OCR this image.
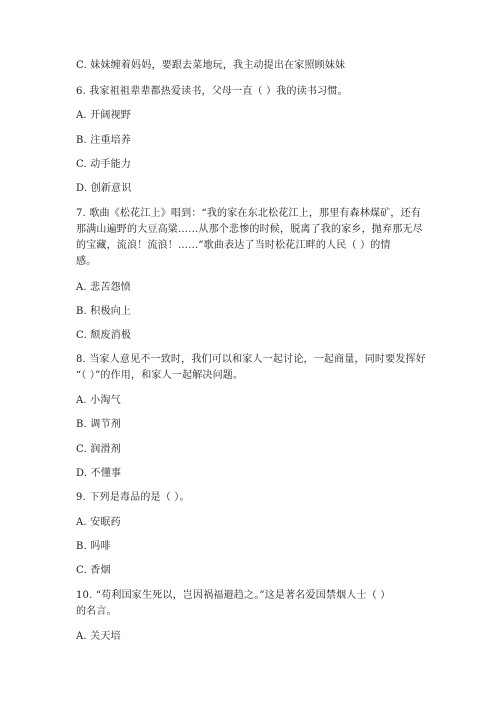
C. 妹妹缠着妈妈，要跟去菜地玩，我主动提出在家照顾妹妹
6. 我家祖祖辈辈都热爱读书，父母一直（ ）我的读书习惯。
A. 开阔视野
B. 注重培养
C. 动手能力
D. 创新意识
7. 歌曲《松花江上》唱到：“我的家在东北松花江上，那里有森林煤矿，还有
那满山遍野的大豆高粱……从那个悲惨的时候，脱离了我的家乡，抛弃那无尽
的宝藏，流浪！流浪！……”歌曲表达了当时松花江畔的人民（ ）的情
感。
A. 悲苦怨愤
B. 积极向上
C. 颓废消极
8. 当家人意见不一致时，我们可以和家人一起讨论，一起商量，同时要发挥好
“（ ）”的作用，和家人一起解决问题。
A. 小淘气
B. 调节剂
C. 润滑剂
D. 不懂事
9. 下列是毒品的是（ ）。
A. 安眠药
B. 吗啡
C. 香烟
10. “苟利国家生死以，岂因祸福避趋之。”这是著名爱国禁烟人士（ ）
的名言。
A. 关天培
